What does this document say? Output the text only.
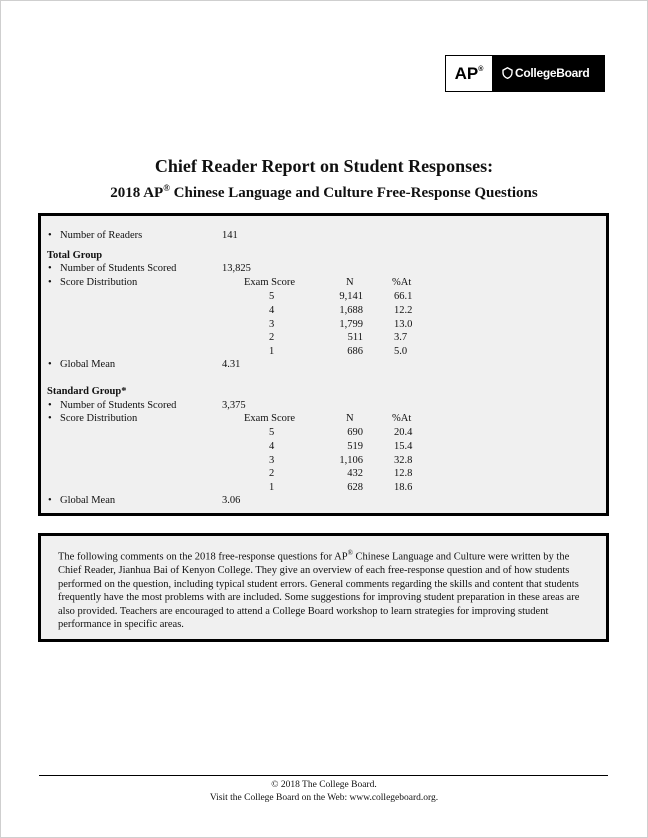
AP®	CollegeBoard
Chief Reader Report on Student Responses:
2018 AP® Chinese Language and Culture Free-Response Questions
• Number of Readers	141
Total Group
• Number of Students Scored	13,825
• Score Distribution	Exam Score	N	%At
5	9,141	66.1
4	1,688	12.2
3	1,799	13.0
2	511	3.7
1	686	5.0
• Global Mean	4.31
Standard Group*
• Number of Students Scored	3,375
• Score Distribution	Exam Score	N	%At
5	690	20.4
4	519	15.4
3	1,106	32.8
2	432	12.8
1	628	18.6
• Global Mean	3.06
The following comments on the 2018 free-response questions for AP® Chinese Language and Culture were written by the Chief Reader, Jianhua Bai of Kenyon College. They give an overview of each free-response question and of how students performed on the question, including typical student errors. General comments regarding the skills and content that students frequently have the most problems with are included. Some suggestions for improving student preparation in these areas are also provided. Teachers are encouraged to attend a College Board workshop to learn strategies for improving student performance in specific areas.
© 2018 The College Board.
Visit the College Board on the Web: www.collegeboard.org.
